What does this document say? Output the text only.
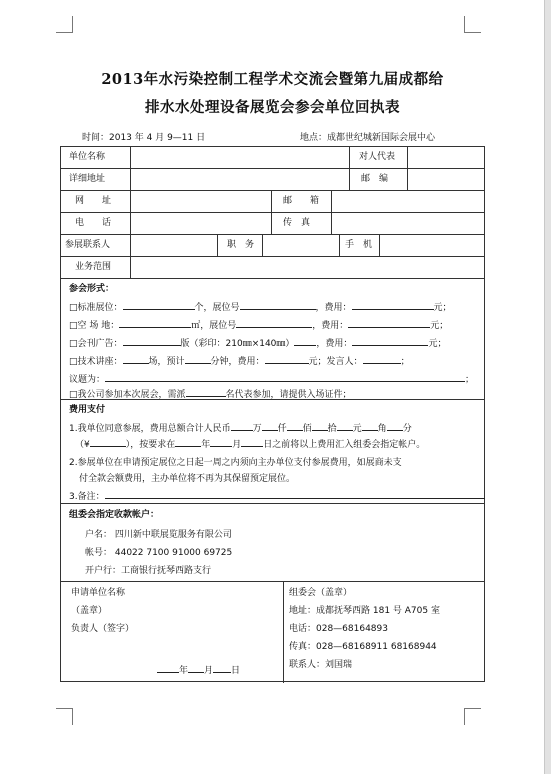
2013年水污染控制工程学术交流会暨第九届成都给
排水水处理设备展览会参会单位回执表
时间：2013 年 4 月 9—11 日	地点：成都世纪城新国际会展中心
单位名称	对人代表
详细地址	邮　编
网　　址	邮　　箱
电　　话	传　真
参展联系人	职　务	手　机
业务范围
参会形式：
□标准展位：	个，展位号	，费用：	元；
□空 场 地：	㎡，展位号	，费用：	元；
□会刊广告：	版（彩印：210㎜×140㎜） ，费用：	元；
□技术讲座：	场，预计	分钟，费用：	元；发言人：	；
议题为：	；
□我公司参加本次展会，需派	名代表参加，请提供入场证件；
费用支付
1.我单位同意参展，费用总额合计人民币 万 仟 佰 拾 元 角 分
（¥	），按要求在	年 月 日之前将以上费用汇入组委会指定帐户。
2.参展单位在申请预定展位之日起一周之内须向主办单位支付参展费用，如展商未支
付全款会额费用，主办单位将不再为其保留预定展位。
3.备注：
组委会指定收款帐户：
户名： 四川新中联展览服务有限公司
帐号： 44022 7100 91000 69725
开户行：工商银行抚琴西路支行
申请单位名称
（盖章）
负责人（签字）
年 月 日
组委会（盖章）
地址：成都抚琴西路 181 号 A705 室
电话：028—68164893
传真：028—68168911 68168944
联系人：刘国瑞
